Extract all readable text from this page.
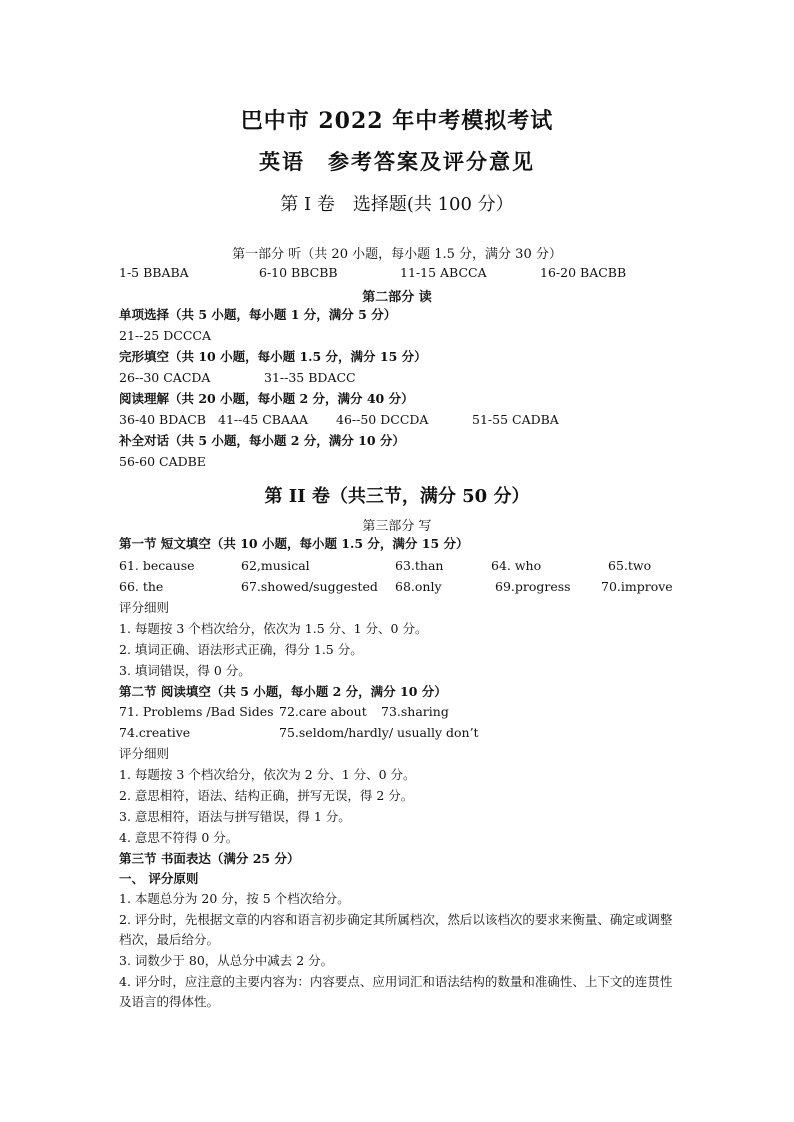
巴中市 2022 年中考模拟考试
英语　参考答案及评分意见
第 I 卷　选择题(共 100 分）
第一部分 听（共 20 小题，每小题 1.5 分，满分 30 分）
1-5 BBABA	6-10 BBCBB	11-15 ABCCA	16-20 BACBB
第二部分 读
单项选择（共 5 小题，每小题 1 分，满分 5 分）
21--25 DCCCA
完形填空（共 10 小题，每小题 1.5 分，满分 15 分）
26--30 CACDA	31--35 BDACC
阅读理解（共 20 小题，每小题 2 分，满分 40 分）
36-40 BDACB 41--45 CBAAA 46--50 DCCDA	51-55 CADBA
补全对话（共 5 小题，每小题 2 分，满分 10 分）
56-60 CADBE
第 II 卷（共三节，满分 50 分）
第三部分 写
第一节 短文填空（共 10 小题，每小题 1.5 分，满分 15 分）
61. because	62,musical	63.than	64. who	65.two
66. the	67.showed/suggested 68.only	69.progress 70.improve
评分细则
1. 每题按 3 个档次给分，依次为 1.5 分、1 分、0 分。
2. 填词正确、语法形式正确，得分 1.5 分。
3. 填词错误，得 0 分。
第二节 阅读填空（共 5 小题，每小题 2 分，满分 10 分）
71. Problems /Bad Sides 72.care about 73.sharing
74.creative	75.seldom/hardly/ usually don’t
评分细则
1. 每题按 3 个档次给分，依次为 2 分、1 分、0 分。
2. 意思相符，语法、结构正确，拼写无误，得 2 分。
3. 意思相符，语法与拼写错误，得 1 分。
4. 意思不符得 0 分。
第三节 书面表达（满分 25 分）
一、 评分原则
1. 本题总分为 20 分，按 5 个档次给分。
2. 评分时，先根据文章的内容和语言初步确定其所属档次，然后以该档次的要求来衡量、确定或调整档次，最后给分。
3. 词数少于 80，从总分中减去 2 分。
4. 评分时，应注意的主要内容为：内容要点、应用词汇和语法结构的数量和准确性、上下文的连贯性及语言的得体性。
